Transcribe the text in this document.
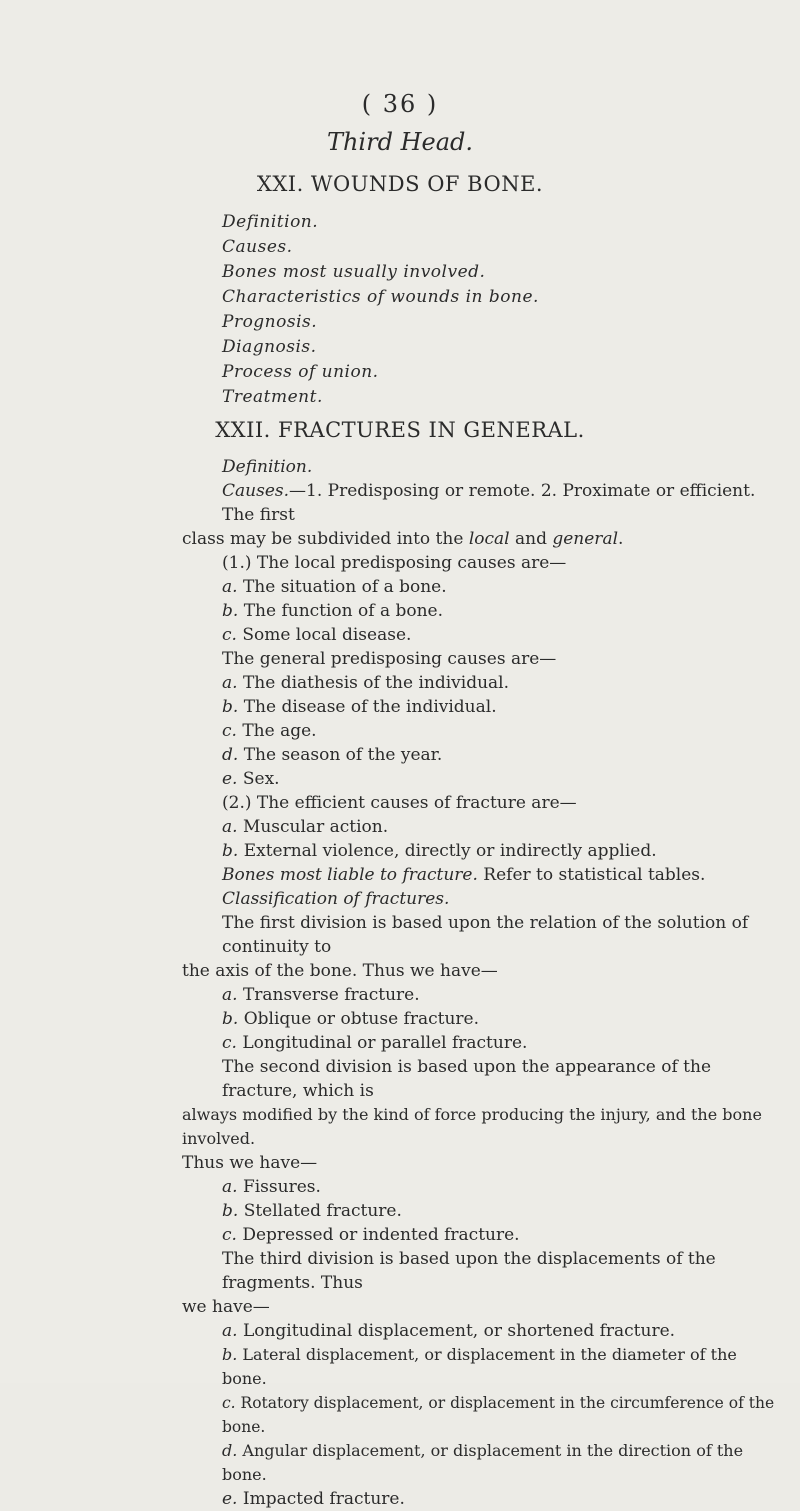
( 36 )
Third Head.
XXI. WOUNDS OF BONE.
Definition.
Causes.
Bones most usually involved.
Characteristics of wounds in bone.
Prognosis.
Diagnosis.
Process of union.
Treatment.
XXII. FRACTURES IN GENERAL.

Definition.

Causes.—1. Predisposing or remote. 2. Proximate or efficient. The first

class may be subdivided into the local and general.

(1.) The local predisposing causes are—

a. The situation of a bone.

b. The function of a bone.

c. Some local disease.

The general predisposing causes are—

a. The diathesis of the individual.

b. The disease of the individual.

c. The age.

d. The season of the year.

e. Sex.

(2.) The efficient causes of fracture are—

a. Muscular action.

b. External violence, directly or indirectly applied.

Bones most liable to fracture. Refer to statistical tables.

Classification of fractures.

The first division is based upon the relation of the solution of continuity to

the axis of the bone. Thus we have—

a. Transverse fracture.

b. Oblique or obtuse fracture.

c. Longitudinal or parallel fracture.

The second division is based upon the appearance of the fracture, which is

always modified by the kind of force producing the injury, and the bone involved.

Thus we have—

a. Fissures.

b. Stellated fracture.

c. Depressed or indented fracture.

The third division is based upon the displacements of the fragments. Thus

we have—

a. Longitudinal displacement, or shortened fracture.

b. Lateral displacement, or displacement in the diameter of the bone.

c. Rotatory displacement, or displacement in the circumference of the bone.

d. Angular displacement, or displacement in the direction of the bone.

e. Impacted fracture.
